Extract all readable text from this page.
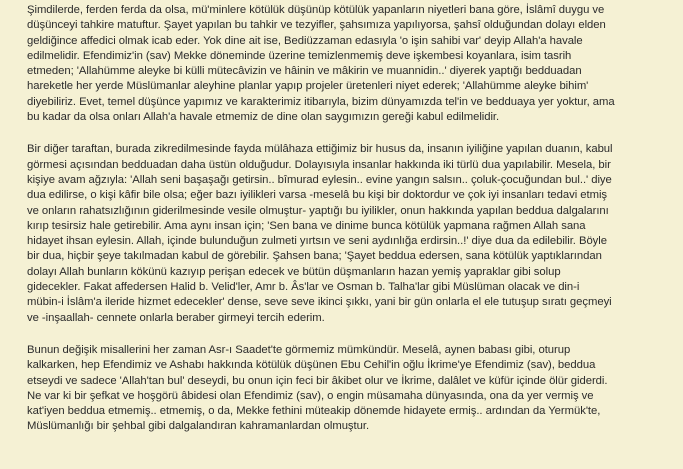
Şimdilerde, ferden ferda da olsa, mü'minlere kötülük düşünüp kötülük yapanların niyetleri bana göre, İslâmî duygu ve
düşünceyi tahkire matuftur. Şayet yapılan bu tahkir ve tezyifler, şahsımıza yapılıyorsa, şahsî olduğundan dolayı elden
geldiğince affedici olmak icab eder. Yok dine ait ise, Bediüzzaman edasıyla 'o işin sahibi var' deyip Allah'a havale
edilmelidir. Efendimiz'in (sav) Mekke döneminde üzerine temizlenmemiş deve işkembesi koyanlara, isim tasrih
etmeden; 'Allahümme aleyke bi külli mütecâvizin ve hâinin ve mâkirin ve muannidin..' diyerek yaptığı bedduadan
hareketle her yerde Müslümanlar aleyhine planlar yapıp projeler üretenleri niyet ederek; 'Allahümme aleyke bihim'
diyebiliriz. Evet, temel düşünce yapımız ve karakterimiz itibarıyla, bizim dünyamızda tel'in ve bedduaya yer yoktur, ama
bu kadar da olsa onları Allah'a havale etmemiz de dine olan saygımızın gereği kabul edilmelidir.

Bir diğer taraftan, burada zikredilmesinde fayda mülâhaza ettiğimiz bir husus da, insanın iyiliğine yapılan duanın, kabul
görmesi açısından bedduadan daha üstün olduğudur. Dolayısıyla insanlar hakkında iki türlü dua yapılabilir. Mesela, bir
kişiye avam ağzıyla: 'Allah seni başaşağı getirsin.. bîmurad eylesin.. evine yangın salsın.. çoluk-çocuğundan bul..' diye
dua edilirse, o kişi kâfir bile olsa; eğer bazı iyilikleri varsa -meselâ bu kişi bir doktordur ve çok iyi insanları tedavi etmiş
ve onların rahatsızlığının giderilmesinde vesile olmuştur- yaptığı bu iyilikler, onun hakkında yapılan beddua dalgalarını
kırıp tesirsiz hale getirebilir. Ama aynı insan için; 'Sen bana ve dinime bunca kötülük yapmana rağmen Allah sana
hidayet ihsan eylesin. Allah, içinde bulunduğun zulmeti yırtsın ve seni aydınlığa erdirsin..!' diye dua da edilebilir. Böyle
bir dua, hiçbir şeye takılmadan kabul de görebilir. Şahsen bana; 'Şayet beddua edersen, sana kötülük yaptıklarından
dolayı Allah bunların kökünü kazıyıp perişan edecek ve bütün düşmanların hazan yemiş yapraklar gibi solup
gidecekler. Fakat affedersen Halid b. Velid'ler, Amr b. Âs'lar ve Osman b. Talha'lar gibi Müslüman olacak ve din-i
mübin-i İslâm'a ileride hizmet edecekler' dense, seve seve ikinci şıkkı, yani bir gün onlarla el ele tutuşup sıratı geçmeyi
ve -inşaallah- cennete onlarla beraber girmeyi tercih ederim.

Bunun değişik misallerini her zaman Asr-ı Saadet'te görmemiz mümkündür. Meselâ, aynen babası gibi, oturup
kalkarken, hep Efendimiz ve Ashabı hakkında kötülük düşünen Ebu Cehil'in oğlu İkrime'ye Efendimiz (sav), beddua
etseydi ve sadece 'Allah'tan bul' deseydi, bu onun için feci bir âkibet olur ve İkrime, dalâlet ve küfür içinde ölür giderdi.
Ne var ki bir şefkat ve hoşgörü âbidesi olan Efendimiz (sav), o engin müsamaha dünyasında, ona da yer vermiş ve
kat'iyen beddua etmemiş.. etmemiş, o da, Mekke fethini müteakip dönemde hidayete ermiş.. ardından da Yermük'te,
Müslümanlığı bir şehbal gibi dalgalandıran kahramanlardan olmuştur.
